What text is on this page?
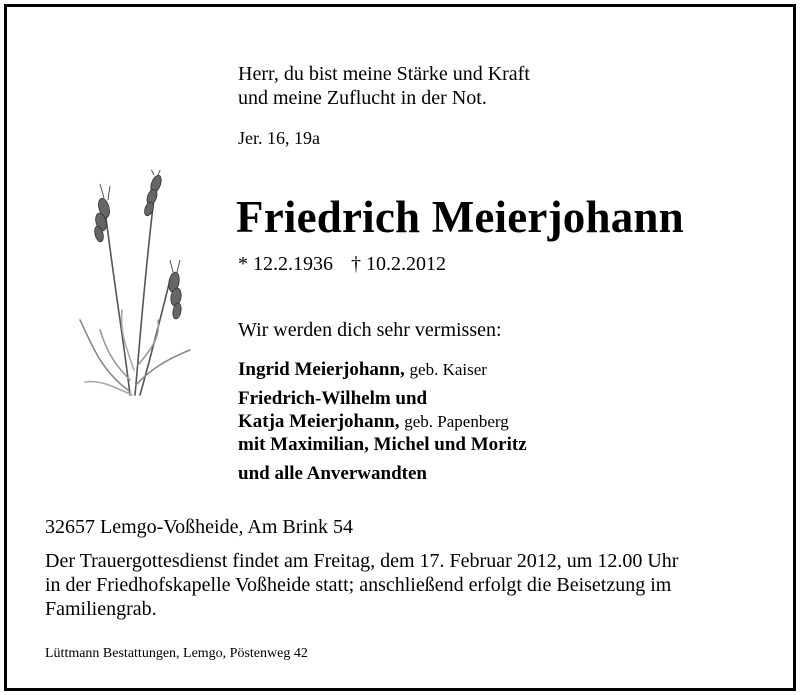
Herr, du bist meine Stärke und Kraft
und meine Zuflucht in der Not.
Jer. 16, 19a
Friedrich Meierjohann
* 12.2.1936 † 10.2.2012
Wir werden dich sehr vermissen:
Ingrid Meierjohann, geb. Kaiser
Friedrich-Wilhelm und
Katja Meierjohann, geb. Papenberg
mit Maximilian, Michel und Moritz
und alle Anverwandten
32657 Lemgo-Voßheide, Am Brink 54
Der Trauergottesdienst findet am Freitag, dem 17. Februar 2012, um 12.00 Uhr
in der Friedhofskapelle Voßheide statt; anschließend erfolgt die Beisetzung im
Familiengrab.
Lüttmann Bestattungen, Lemgo, Pöstenweg 42
